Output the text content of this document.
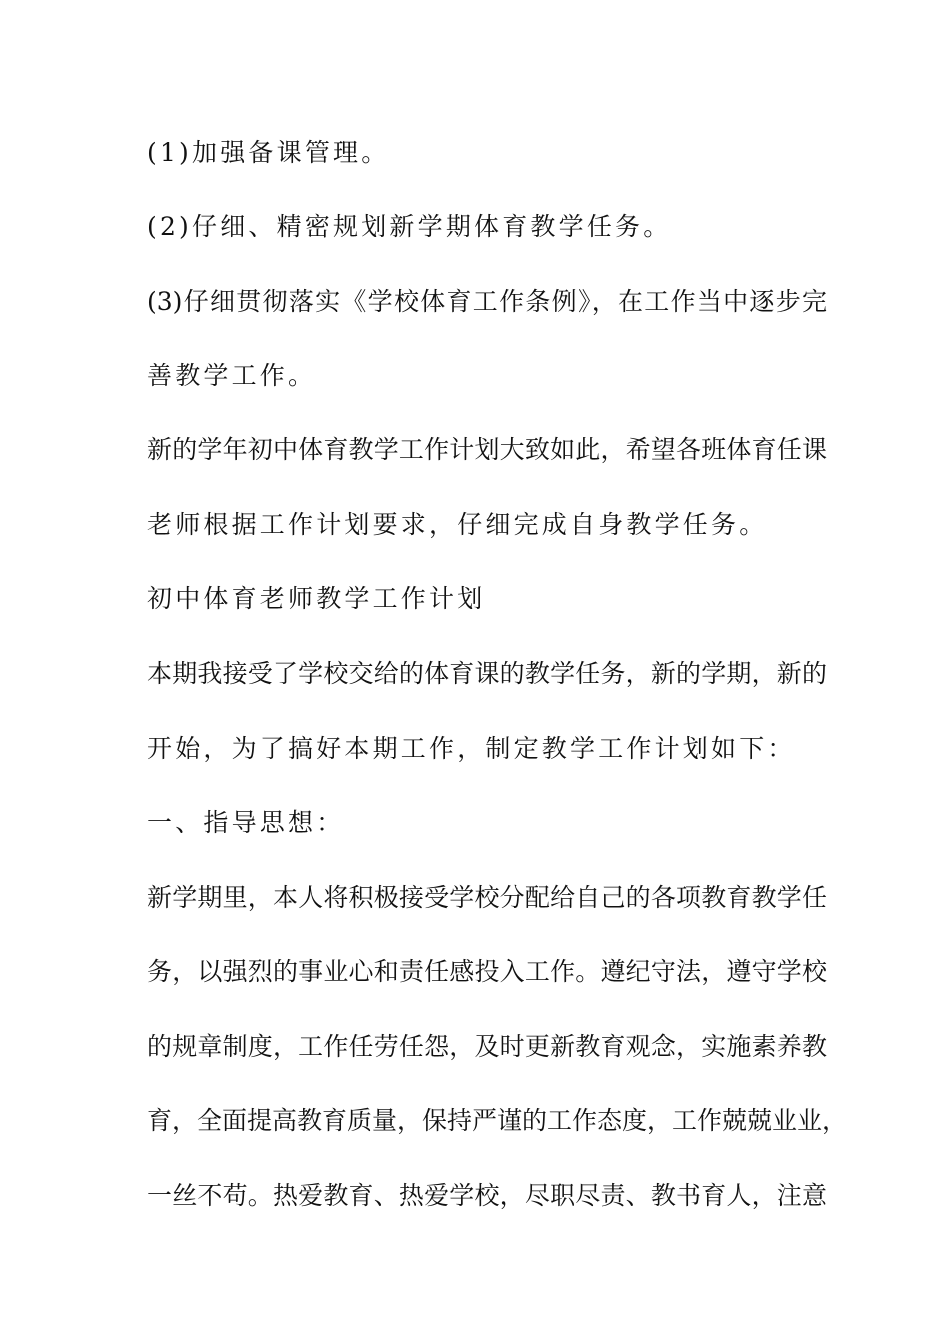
(1)加强备课管理。

(2)仔细、精密规划新学期体育教学任务。

(3)仔细贯彻落实《学校体育工作条例》，在工作当中逐步完

善教学工作。

新的学年初中体育教学工作计划大致如此，希望各班体育任课

老师根据工作计划要求，仔细完成自身教学任务。

初中体育老师教学工作计划

本期我接受了学校交给的体育课的教学任务，新的学期，新的

开始，为了搞好本期工作，制定教学工作计划如下：

一、指导思想：

新学期里，本人将积极接受学校分配给自己的各项教育教学任

务，以强烈的事业心和责任感投入工作。遵纪守法，遵守学校

的规章制度，工作任劳任怨，及时更新教育观念，实施素养教

育，全面提高教育质量，保持严谨的工作态度，工作兢兢业业，

一丝不苟。热爱教育、热爱学校，尽职尽责、教书育人，注意
